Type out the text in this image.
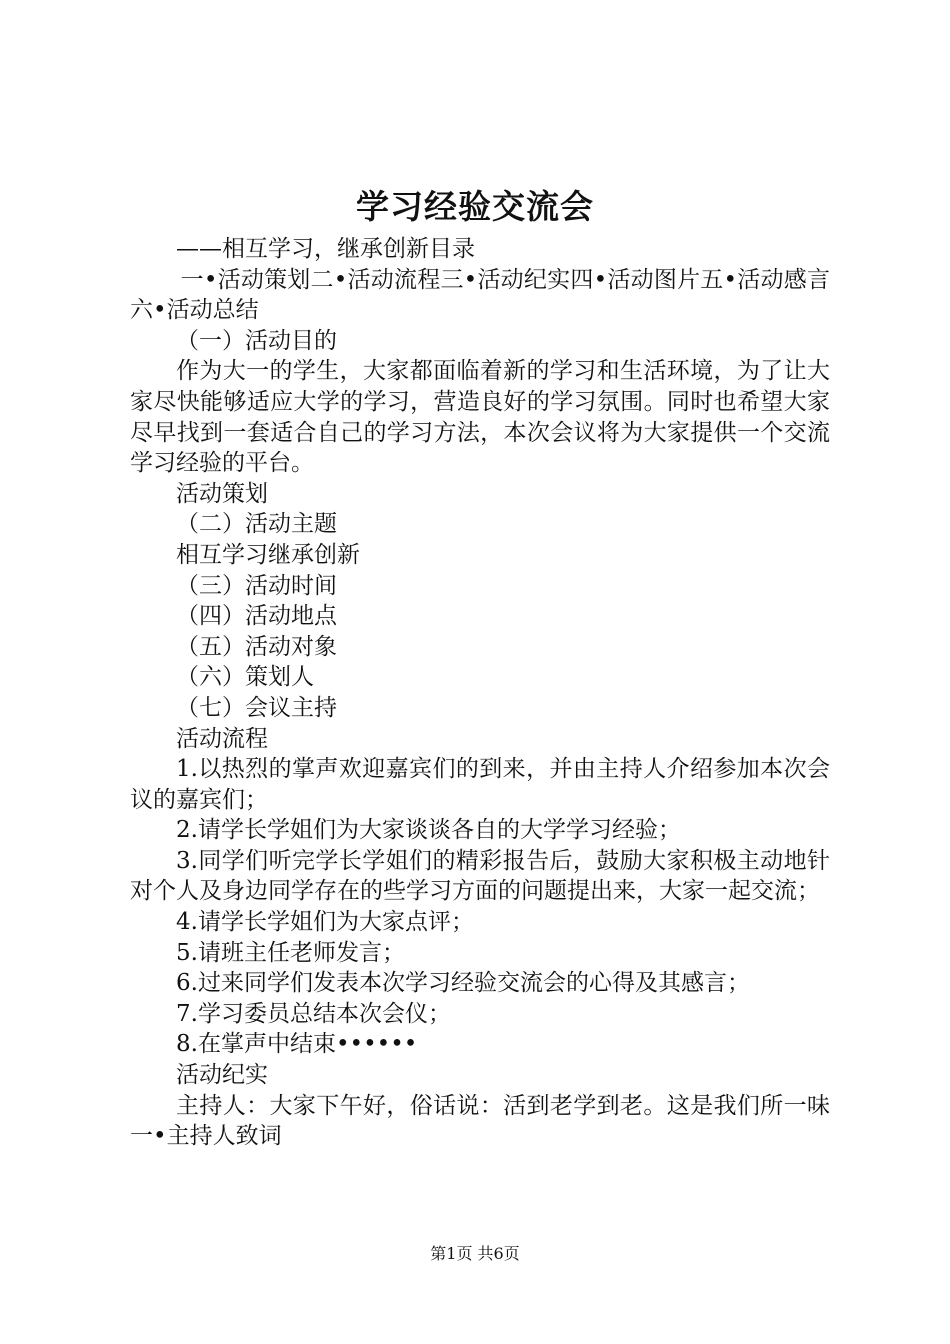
学习经验交流会

——相互学习，继承创新目录

一•活动策划二•活动流程三•活动纪实四•活动图片五•活动感言六•活动总结

（一）活动目的

作为大一的学生，大家都面临着新的学习和生活环境，为了让大家尽快能够适应大学的学习，营造良好的学习氛围。同时也希望大家尽早找到一套适合自己的学习方法，本次会议将为大家提供一个交流学习经验的平台。

活动策划

（二）活动主题

相互学习继承创新

（三）活动时间

（四）活动地点

（五）活动对象

（六）策划人

（七）会议主持

活动流程

1.以热烈的掌声欢迎嘉宾们的到来，并由主持人介绍参加本次会议的嘉宾们；

2.请学长学姐们为大家谈谈各自的大学学习经验；

3.同学们听完学长学姐们的精彩报告后，鼓励大家积极主动地针对个人及身边同学存在的些学习方面的问题提出来，大家一起交流；

4.请学长学姐们为大家点评；

5.请班主任老师发言；

6.过来同学们发表本次学习经验交流会的心得及其感言；

7.学习委员总结本次会仪；

8.在掌声中结束••••••

活动纪实

主持人：大家下午好，俗话说：活到老学到老。这是我们所一味一•主持人致词

第1页 共6页
